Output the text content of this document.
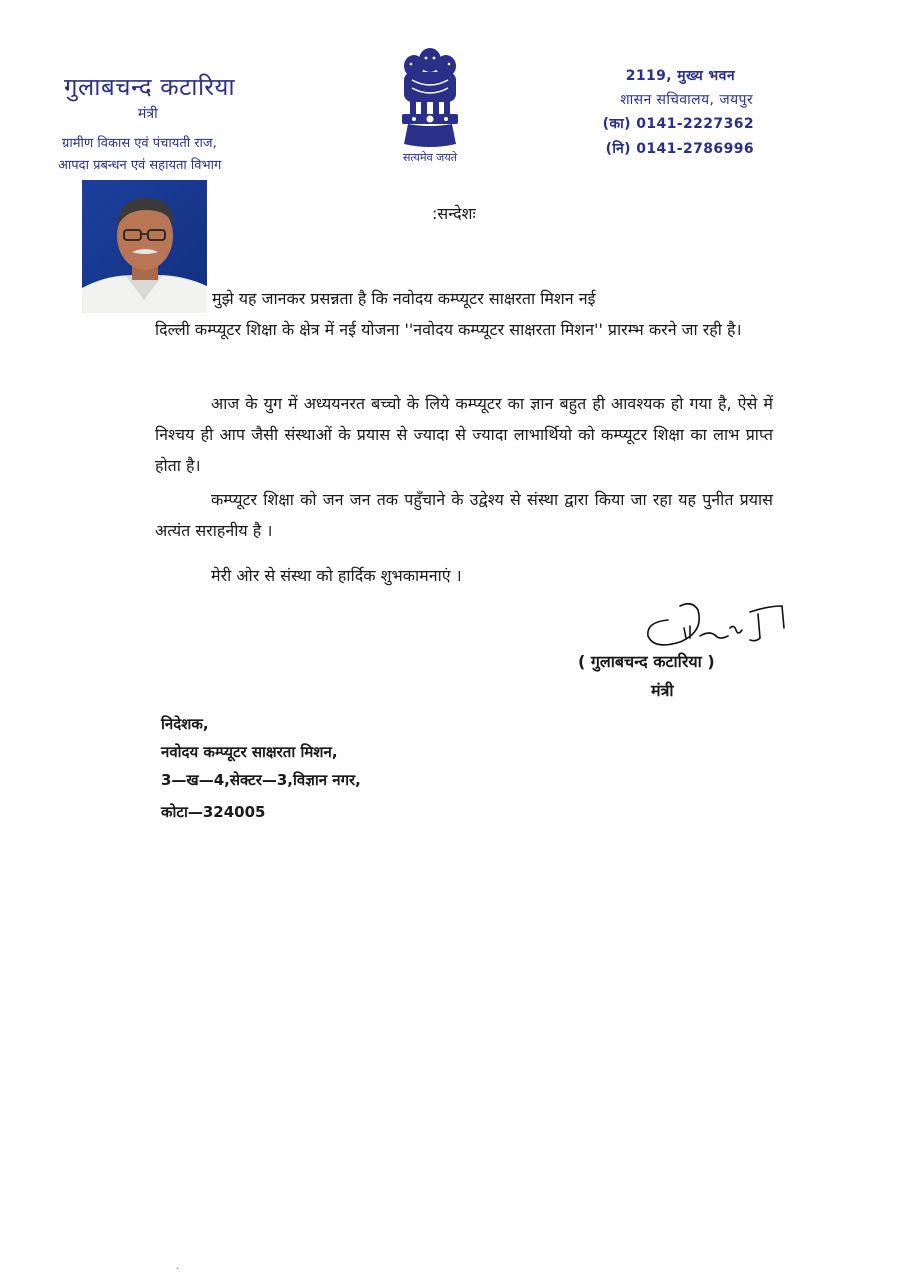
गुलाबचन्द कटारिया
मंत्री
ग्रामीण विकास एवं पंचायती राज,
आपदा प्रबन्धन एवं सहायता विभाग
सत्यमेव जयते
2119, मुख्य भवन
शासन सचिवालय, जयपुर
(का) 0141-2227362
(नि) 0141-2786996
:सन्देशः
मुझे यह जानकर प्रसन्नता है कि नवोदय कम्प्यूटर साक्षरता मिशन नई
दिल्ली कम्प्यूटर शिक्षा के क्षेत्र में नई योजना ''नवोदय कम्प्यूटर साक्षरता मिशन'' प्रारम्भ करने जा रही है।
आज के युग में अध्ययनरत बच्चो के लिये कम्प्यूटर का ज्ञान बहुत ही आवश्यक हो गया है, ऐसे में निश्चय ही आप जैसी संस्थाओं के प्रयास से ज्यादा से ज्यादा लाभार्थियो को कम्प्यूटर शिक्षा का लाभ प्राप्त होता है।
कम्प्यूटर शिक्षा को जन जन तक पहुँचाने के उद्वेश्य से संस्था द्वारा किया जा रहा यह पुनीत प्रयास अत्यंत सराहनीय है ।
मेरी ओर से संस्था को हार्दिक शुभकामनाएं ।
( गुलाबचन्द कटारिया )
मंत्री
निदेशक,
नवोदय कम्प्यूटर साक्षरता मिशन,
3—ख—4,सेक्टर—3,विज्ञान नगर,
कोटा—324005
·
